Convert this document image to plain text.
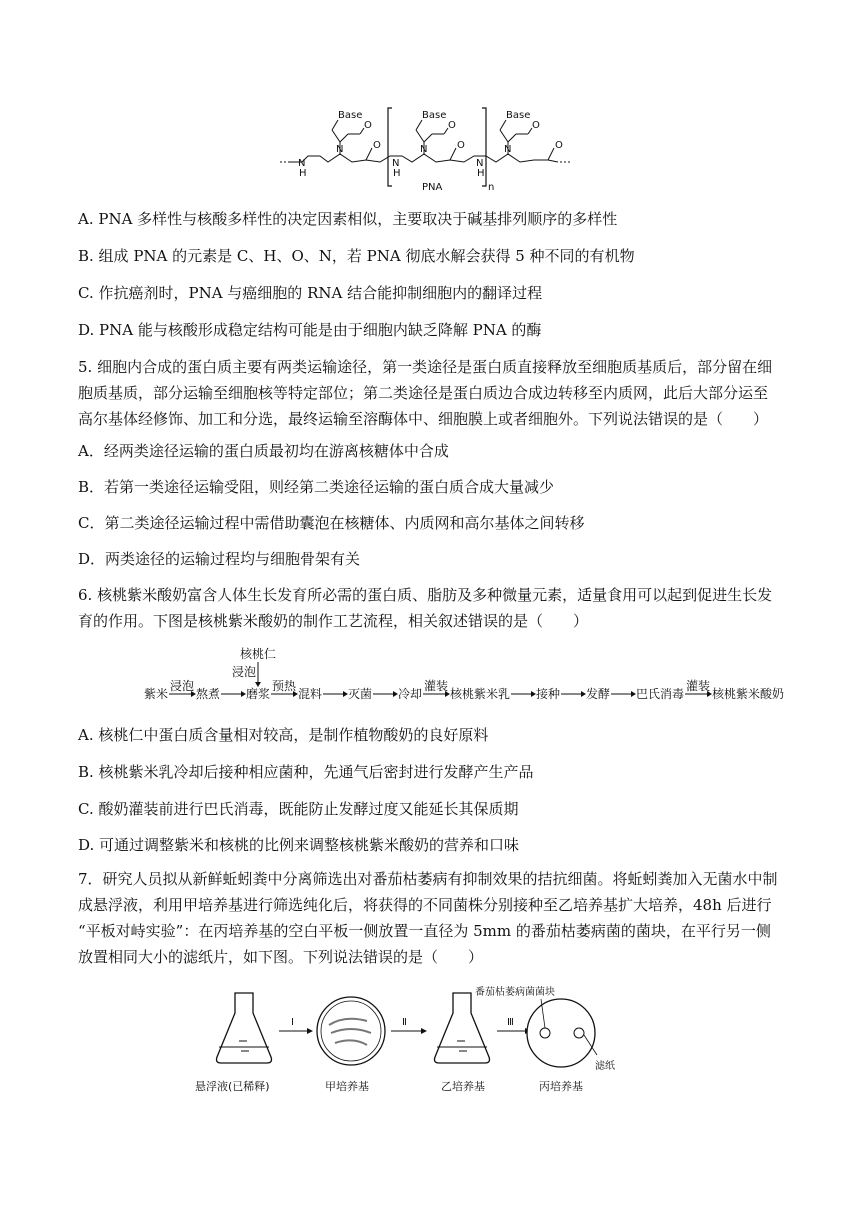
Base	Base	Base
O	O	O
O	O	O
N	N	N
N	N	N
H	H	H
n
PNA
A. PNA 多样性与核酸多样性的决定因素相似，主要取决于碱基排列顺序的多样性
B. 组成 PNA 的元素是 C、H、O、N，若 PNA 彻底水解会获得 5 种不同的有机物
C. 作抗癌剂时，PNA 与癌细胞的 RNA 结合能抑制细胞内的翻译过程
D. PNA 能与核酸形成稳定结构可能是由于细胞内缺乏降解 PNA 的酶
5. 细胞内合成的蛋白质主要有两类运输途径，第一类途径是蛋白质直接释放至细胞质基质后，部分留在细
胞质基质，部分运输至细胞核等特定部位；第二类途径是蛋白质边合成边转移至内质网，此后大部分运至
高尔基体经修饰、加工和分选，最终运输至溶酶体中、细胞膜上或者细胞外。下列说法错误的是（　　）
A．经两类途径运输的蛋白质最初均在游离核糖体中合成
B．若第一类途径运输受阻，则经第二类途径运输的蛋白质合成大量减少
C．第二类途径运输过程中需借助囊泡在核糖体、内质网和高尔基体之间转移
D．两类途径的运输过程均与细胞骨架有关
6. 核桃紫米酸奶富含人体生长发育所必需的蛋白质、脂肪及多种微量元素，适量食用可以起到促进生长发
育的作用。下图是核桃紫米酸奶的制作工艺流程，相关叙述错误的是（　　）
紫米
浸泡
熬煮 磨浆
预热
混料 灭菌 冷却
灌装
核桃紫米乳 接种 发酵 巴氏消毒
灌装
核桃紫米酸奶
核桃仁
浸泡
A. 核桃仁中蛋白质含量相对较高，是制作植物酸奶的良好原料
B. 核桃紫米乳冷却后接种相应菌种，先通气后密封进行发酵产生产品
C. 酸奶灌装前进行巴氏消毒，既能防止发酵过度又能延长其保质期
D. 可通过调整紫米和核桃的比例来调整核桃紫米酸奶的营养和口味
7．研究人员拟从新鲜蚯蚓粪中分离筛选出对番茄枯萎病有抑制效果的拮抗细菌。将蚯蚓粪加入无菌水中制
成悬浮液，利用甲培养基进行筛选纯化后，将获得的不同菌株分别接种至乙培养基扩大培养，48h 后进行
“平板对峙实验”：在丙培养基的空白平板一侧放置一直径为 5mm 的番茄枯萎病菌的菌块，在平行另一侧
放置相同大小的滤纸片，如下图。下列说法错误的是（　　）
Ⅰ	Ⅱ	Ⅲ
番茄枯萎病菌菌块
滤纸
悬浮液(已稀释)	甲培养基	乙培养基	丙培养基
